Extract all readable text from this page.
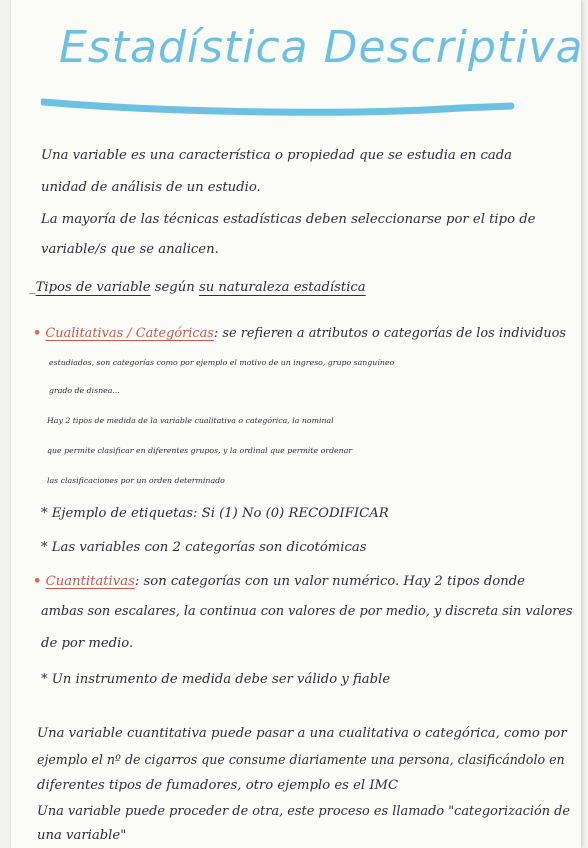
Estadística Descriptiva
Una variable es una característica o propiedad que se estudia en cada
unidad de análisis de un estudio.
La mayoría de las técnicas estadísticas deben seleccionarse por el tipo de
variable/s que se analicen.
_Tipos de variable según su naturaleza estadística
• Cualitativas / Categóricas: se refieren a atributos o categorías de los individuos
estudiados, son categorías como por ejemplo el motivo de un ingreso, grupo sanguíneo
grado de disnea...
Hay 2 tipos de medida de la variable cualitativa o categórica, la nominal
que permite clasificar en diferentes grupos, y la ordinal que permite ordenar
las clasificaciones por un orden determinado
* Ejemplo de etiquetas: Si (1) No (0) RECODIFICAR
* Las variables con 2 categorías son dicotómicas
• Cuantitativas: son categorías con un valor numérico. Hay 2 tipos donde
ambas son escalares, la continua con valores de por medio, y discreta sin valores
de por medio.
* Un instrumento de medida debe ser válido y fiable
Una variable cuantitativa puede pasar a una cualitativa o categórica, como por
ejemplo el nº de cigarros que consume diariamente una persona, clasificándolo en
diferentes tipos de fumadores, otro ejemplo es el IMC
Una variable puede proceder de otra, este proceso es llamado "categorización de
una variable"
